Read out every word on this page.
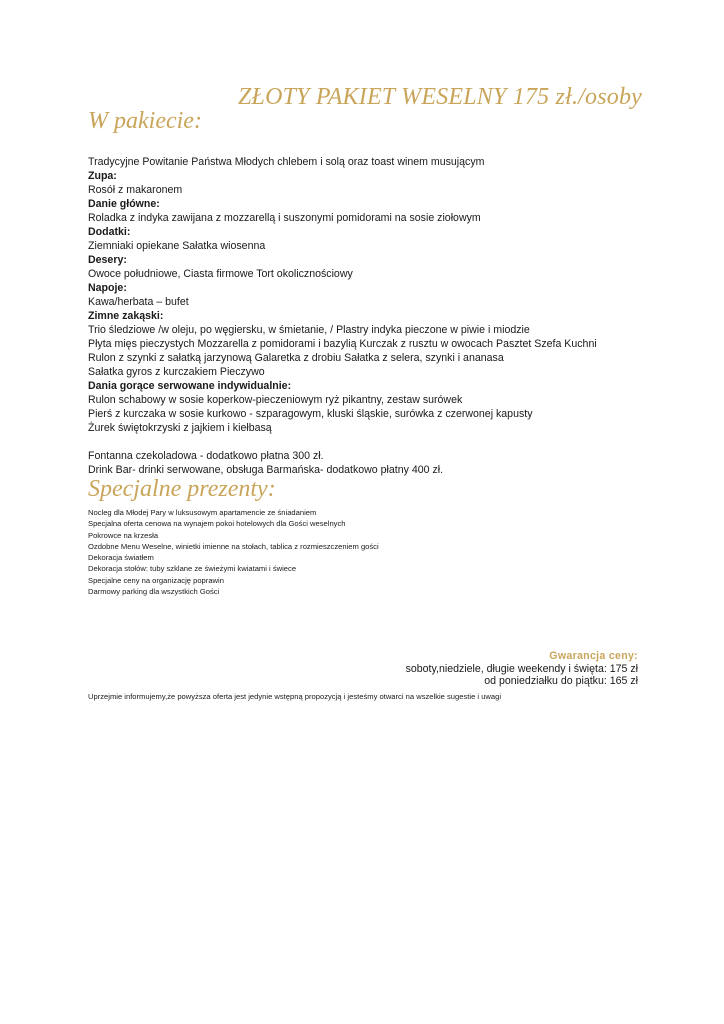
ZŁOTY PAKIET WESELNY 175 zł./osoby
W pakiecie:
Tradycyjne Powitanie Państwa Młodych chlebem i solą oraz toast winem musującym
Zupa:
Rosół z makaronem
Danie główne:
Roladka z indyka zawijana z mozzarellą i suszonymi pomidorami na sosie ziołowym
Dodatki:
Ziemniaki opiekane Sałatka wiosenna
Desery:
Owoce południowe, Ciasta firmowe Tort okolicznościowy
Napoje:
Kawa/herbata – bufet
Zimne zakąski:
Trio śledziowe /w oleju, po węgiersku, w śmietanie, / Plastry indyka pieczone w piwie i miodzie
Płyta mięs pieczystych Mozzarella z pomidorami i bazylią Kurczak z rusztu w owocach Pasztet Szefa Kuchni
Rulon z szynki z sałatką jarzynową Galaretka z drobiu Sałatka z selera, szynki i ananasa
Sałatka gyros z kurczakiem Pieczywo
Dania gorące serwowane indywidualnie:
Rulon schabowy w sosie koperkow-pieczeniowym ryż pikantny, zestaw surówek
Pierś z kurczaka w sosie kurkowo - szparagowym, kluski śląskie, surówka z czerwonej kapusty
Żurek świętokrzyski z jajkiem i kiełbasą
Fontanna czekoladowa - dodatkowo płatna 300 zł.
Drink Bar- drinki serwowane, obsługa Barmańska- dodatkowo płatny 400 zł.
Specjalne prezenty:
Nocleg dla Młodej Pary w luksusowym apartamencie ze śniadaniem
Specjalna oferta cenowa na wynajem pokoi hotelowych dla Gości weselnych
Pokrowce na krzesła
Ozdobne Menu Weselne, winietki imienne na stołach, tablica z rozmieszczeniem gości
Dekoracja światłem
Dekoracja stołów: tuby szklane ze świeżymi kwiatami i świece
Specjalne ceny na organizację poprawin
Darmowy parking dla wszystkich Gości
Gwarancja ceny:
soboty,niedziele, długie weekendy i święta: 175 zł
od poniedziałku do piątku: 165 zł
Uprzejmie informujemy,że powyższa oferta jest jedynie wstępną propozycją i jesteśmy otwarci na wszelkie sugestie i uwagi
